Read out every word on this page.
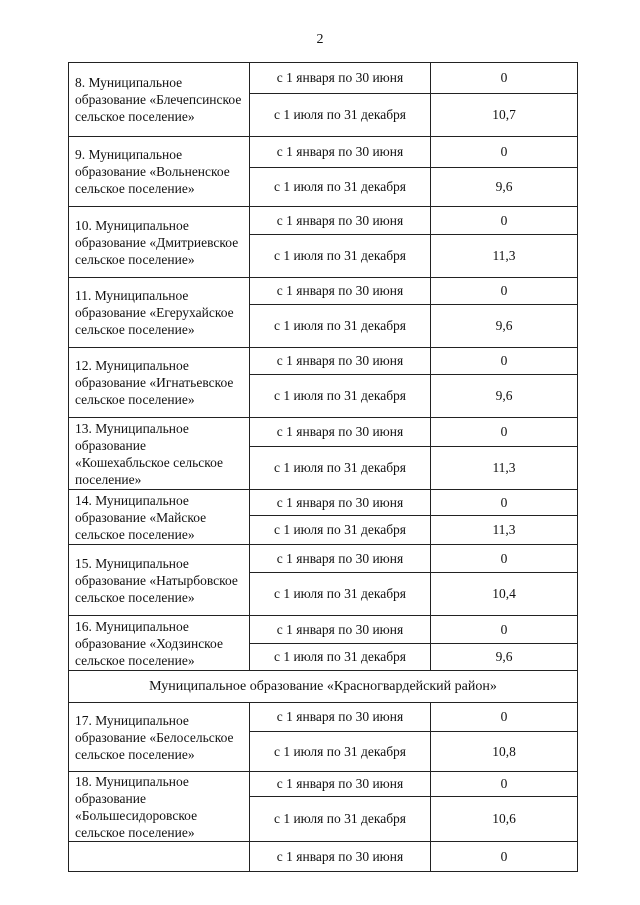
2
8. Муниципальное образование «Блечепсинское сельское поселение»	с 1 января по 30 июня	0
	с 1 июля по 31 декабря	10,7
9. Муниципальное образование «Вольненское сельское поселение»	с 1 января по 30 июня	0
	с 1 июля по 31 декабря	9,6
10. Муниципальное образование «Дмитриевское сельское поселение»	с 1 января по 30 июня	0
	с 1 июля по 31 декабря	11,3
11. Муниципальное образование «Егерухайское сельское поселение»	с 1 января по 30 июня	0
	с 1 июля по 31 декабря	9,6
12. Муниципальное образование «Игнатьевское сельское поселение»	с 1 января по 30 июня	0
	с 1 июля по 31 декабря	9,6
13. Муниципальное образование «Кошехабльское сельское поселение»	с 1 января по 30 июня	0
	с 1 июля по 31 декабря	11,3
14. Муниципальное образование «Майское сельское поселение»	с 1 января по 30 июня	0
	с 1 июля по 31 декабря	11,3
15. Муниципальное образование «Натырбовское сельское поселение»	с 1 января по 30 июня	0
	с 1 июля по 31 декабря	10,4
16. Муниципальное образование «Ходзинское сельское поселение»	с 1 января по 30 июня	0
	с 1 июля по 31 декабря	9,6
Муниципальное образование «Красногвардейский район»		
17. Муниципальное образование «Белосельское сельское поселение»	с 1 января по 30 июня	0
	с 1 июля по 31 декабря	10,8
18. Муниципальное образование «Большесидоровское сельское поселение»	с 1 января по 30 июня	0
	с 1 июля по 31 декабря	10,6
	с 1 января по 30 июня	0
